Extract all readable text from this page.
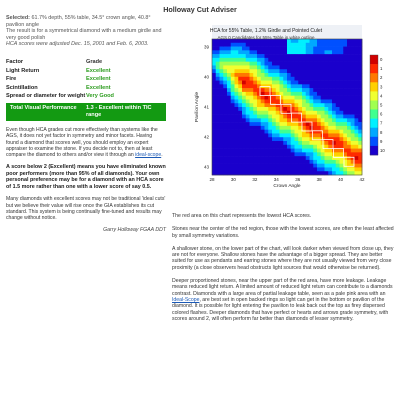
Holloway Cut Adviser
Selected: 61.7% depth, 55% table, 34.5° crown angle, 40.8° pavilion angle
The result is for a symmetrical diamond with a medium girdle and very good polish
HCA scores were adjusted Dec. 15, 2001 and Feb. 6, 2003.
Factor	Grade
Light Return	Excellent
Fire	Excellent
Scintillation	Excellent
Spread or diameter for weight	Very Good
Total Visual Performance 1.3 - Excellent within TIC range
Even though HCA grades cut more effectively than systems like the AGS, it does not yet factor in symmetry and minor facets. Having found a diamond that scores well, you should employ an expert appraiser to examine the stone. If you decide not to, then at least compare the diamond to others and/or view it through an ideal-scope.
A score below 2 (Excellent) means you have eliminated known poor performers (more than 95% of all diamonds). Your own personal preference may be for a diamond with an HCA score of 1.5 more rather than one with a lower score of say 0.5.
Many diamonds with excellent scores may not be traditional 'ideal cuts' but we believe their value will rise once the GIA establishes its cut standard. This system is being continually fine-tuned and results may change without notice.
Garry Holloway FGAA DDT
28	30	32	34	36	38	40	42
39
40
41
42
43
Crown Angle
Pavilion Angle
0
1
2
3
4
5
6
7
8
9
10
HCA for 55% Table, 1.2% Girdle and Pointed Culet
AGS 0 Candidates for 55% Table in white outline

The red area on this chart represents the lowest HCA scores.

Stones near the center of the red region, those with the lowest scores, are often the least affected by small symmetry variations.

A shallower stone, on the lower part of the chart, will look darker when viewed from close up, they are not for everyone. Shallow stones have the advantage of a bigger spread. They are better suited for use as pendants and earring stones where they are not usually viewed from very close proximity (a close observers head obstructs light sources that would otherwise be returned).

Deeper proportioned stones, near the upper part of the red area, have more leakage. Leakage means reduced light return. A limited amount of reduced light return can contribute to a diamonds contrast. Diamonds with a large area of partial leakage table, seen as a pale pink area with an Ideal-Scope, are best set in open backed rings so light can get in the bottom or pavilion of the diamond. It is possible for light entering the pavilion to leak back out the top as firey dispersed colored flashes. Deeper diamonds that have perfect or hearts and arrows grade symmetry, with scores around 2, will often perform far better than diamonds of lesser symmetry.
